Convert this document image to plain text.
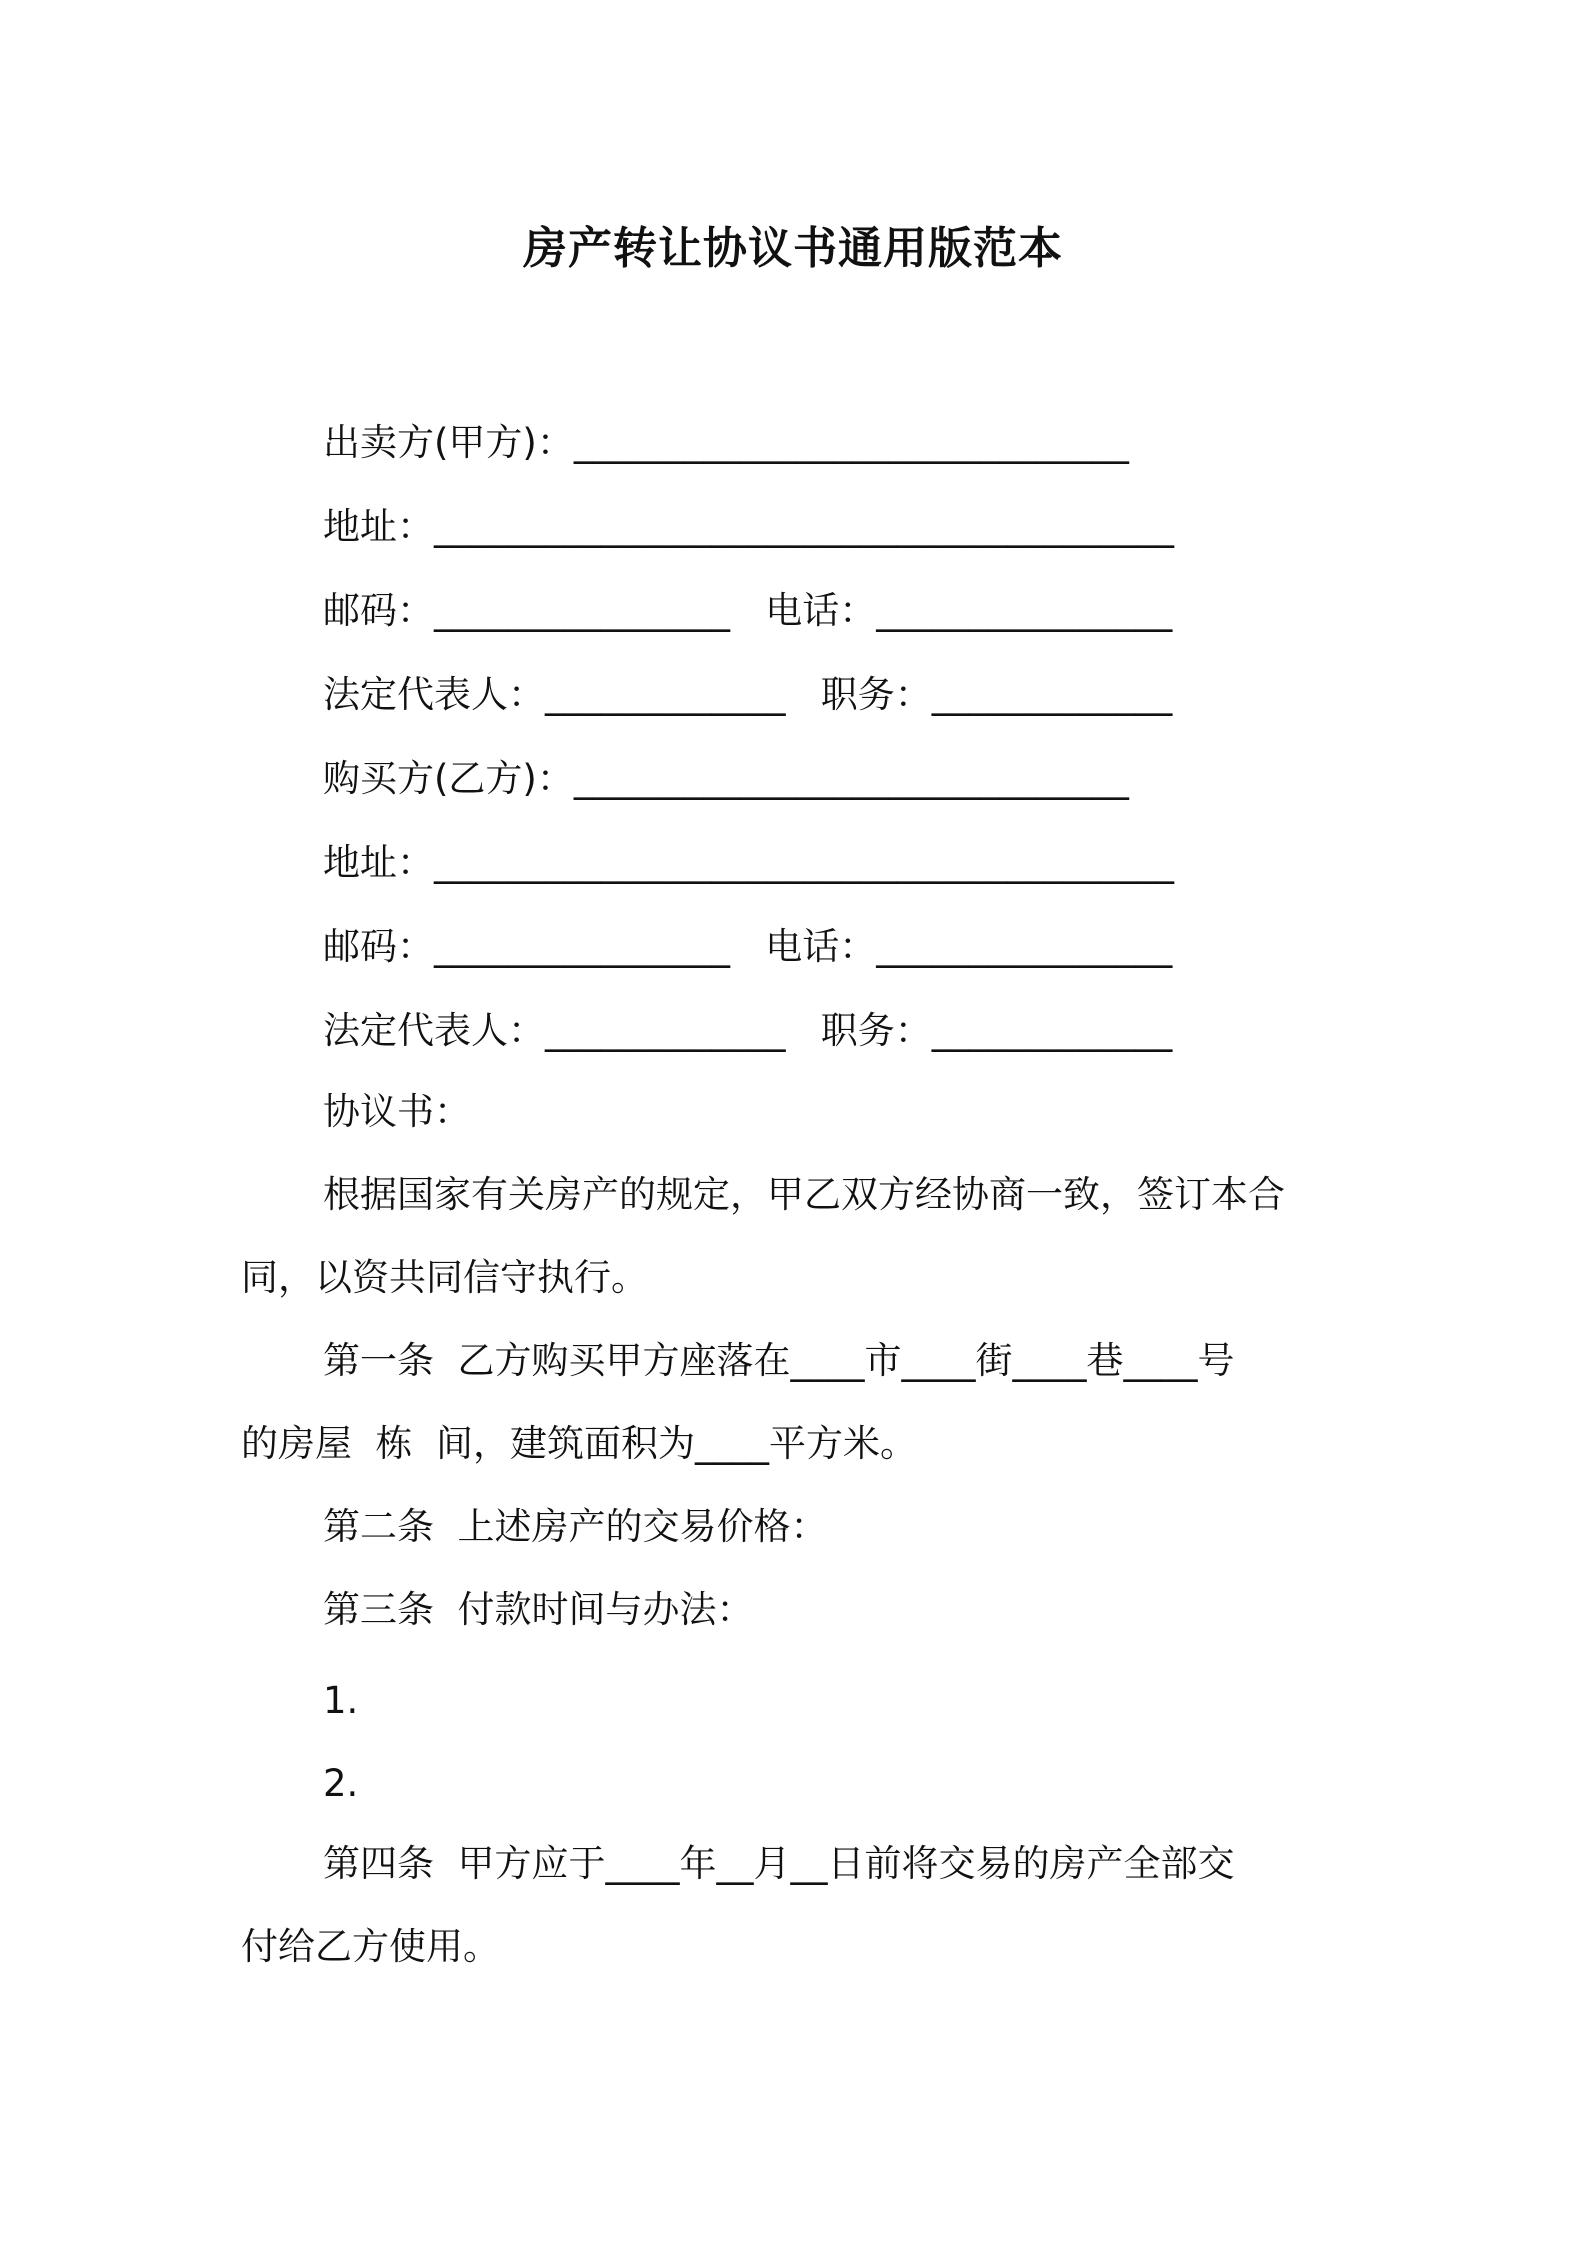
房产转让协议书通用版范本
出卖方(甲方)：______________________________
地址：________________________________________
邮码：________________   电话：________________
法定代表人：_____________   职务：_____________
购买方(乙方)：______________________________
地址：________________________________________
邮码：________________   电话：________________
法定代表人：_____________   职务：_____________
协议书：
根据国家有关房产的规定，甲乙双方经协商一致，签订本合
同，以资共同信守执行。
第一条  乙方购买甲方座落在____市____街____巷____号
的房屋  栋  间，建筑面积为____平方米。
第二条  上述房产的交易价格：
第三条  付款时间与办法：
1.
2.
第四条  甲方应于____年__月__日前将交易的房产全部交
付给乙方使用。
